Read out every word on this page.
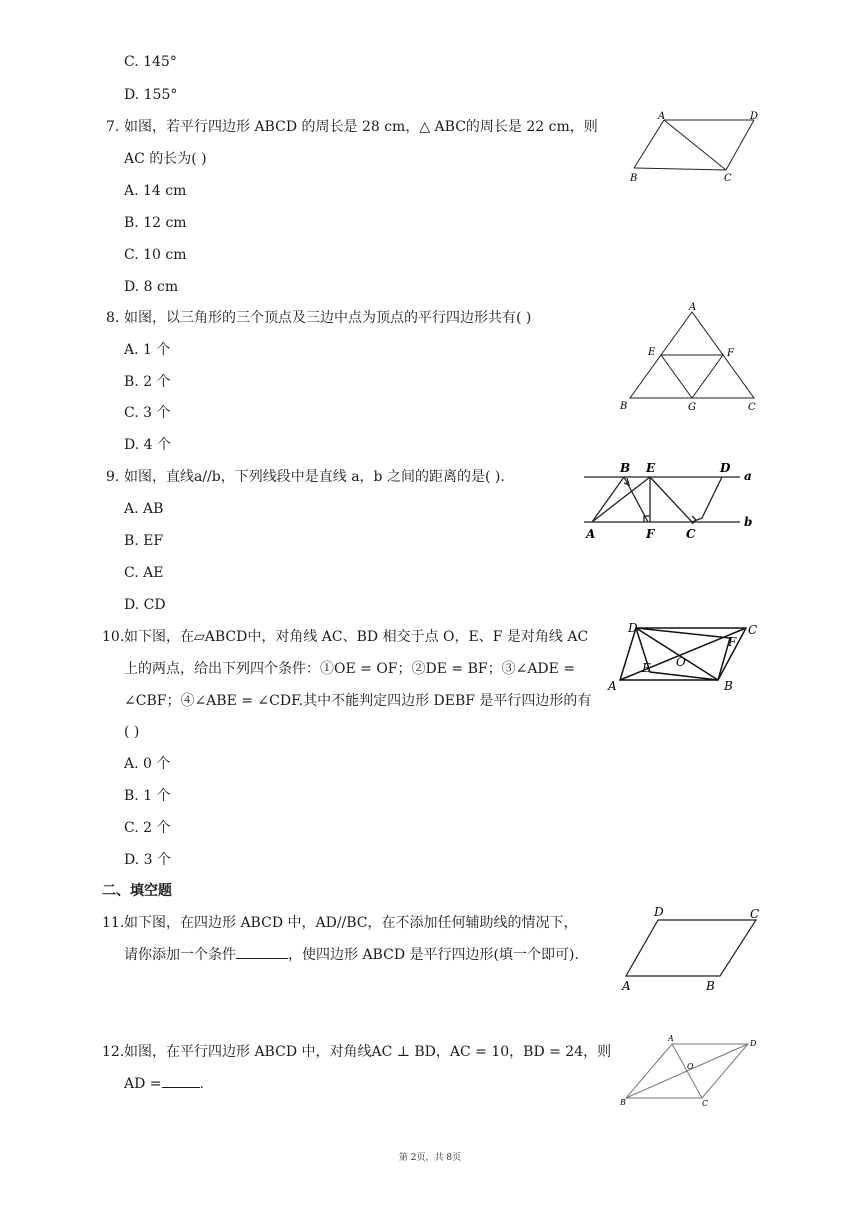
C. 145°
D. 155°
7. 如图，若平行四边形 ABCD 的周长是 28 cm，△ ABC的周长是 22 cm，则
AC 的长为( )
A. 14 cm
B. 12 cm
C. 10 cm
D. 8 cm
A	D
B	C
8. 如图，以三角形的三个顶点及三边中点为顶点的平行四边形共有( )
A. 1 个
B. 2 个
C. 3 个
D. 4 个
A
E	F
B	G	C
9. 如图，直线a//b，下列线段中是直线 a，b 之间的距离的是( ).
A. AB
B. EF
C. AE
D. CD
B E	D
a
A	F	C
b
10. 如下图，在▱ABCD中，对角线 AC、BD 相交于点 O，E、F 是对角线 AC
上的两点，给出下列四个条件：①OE = OF；②DE = BF；③∠ADE =
∠CBF；④∠ABE = ∠CDF.其中不能判定四边形 DEBF 是平行四边形的有
( )
A. 0 个
B. 1 个
C. 2 个
D. 3 个
D	C
F
O
E
A	B
二、填空题
11. 如下图，在四边形 ABCD 中，AD//BC，在不添加任何辅助线的情况下，
请你添加一个条件	，使四边形 ABCD 是平行四边形(填一个即可).
D	C
A	B
12. 如图，在平行四边形 ABCD 中，对角线AC ⊥ BD，AC = 10，BD = 24，则
AD =	.
A
D
O
B	C
第 2页，共 8页
